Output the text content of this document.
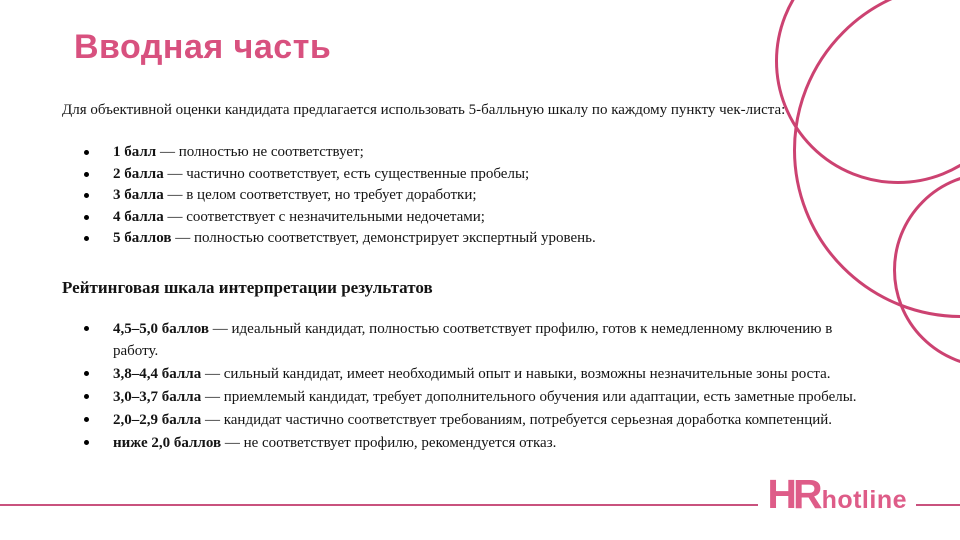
Вводная часть
Для объективной оценки кандидата предлагается использовать 5-балльную шкалу по каждому пункту чек-листа:
1 балл — полностью не соответствует;
2 балла — частично соответствует, есть существенные пробелы;
3 балла — в целом соответствует, но требует доработки;
4 балла — соответствует с незначительными недочетами;
5 баллов — полностью соответствует, демонстрирует экспертный уровень.
Рейтинговая шкала интерпретации результатов
4,5–5,0 баллов — идеальный кандидат, полностью соответствует профилю, готов к немедленному включению в работу.
3,8–4,4 балла — сильный кандидат, имеет необходимый опыт и навыки, возможны незначительные зоны роста.
3,0–3,7 балла — приемлемый кандидат, требует дополнительного обучения или адаптации, есть заметные пробелы.
2,0–2,9 балла — кандидат частично соответствует требованиям, потребуется серьезная доработка компетенций.
ниже 2,0 баллов — не соответствует профилю, рекомендуется отказ.
HR hotline
